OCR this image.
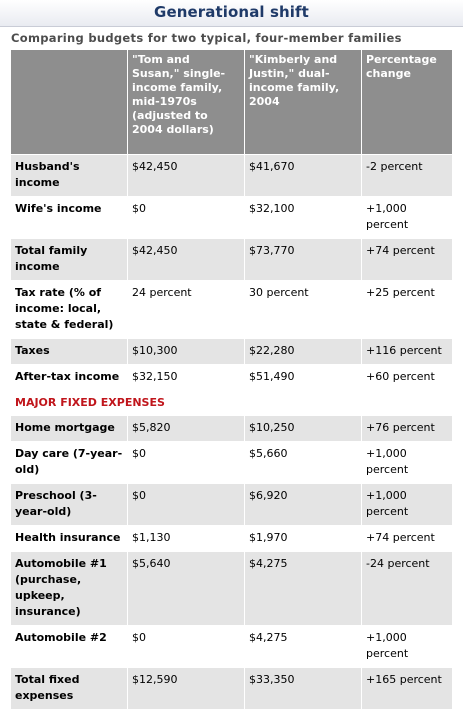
Generational shift
Comparing budgets for two typical, four-member families
	"Tom and Susan," single-income family, mid-1970s (adjusted to 2004 dollars)	"Kimberly and Justin," dual-income family, 2004	Percentage change
Husband's income	$42,450	$41,670	-2 percent
Wife's income	$0	$32,100	+1,000 percent
Total family income	$42,450	$73,770	+74 percent
Tax rate (% of income: local, state & federal)	24 percent	30 percent	+25 percent
Taxes	$10,300	$22,280	+116 percent
After-tax income	$32,150	$51,490	+60 percent
MAJOR FIXED EXPENSES			
Home mortgage	$5,820	$10,250	+76 percent
Day care (7-year-old)	$0	$5,660	+1,000 percent
Preschool (3-year-old)	$0	$6,920	+1,000 percent
Health insurance	$1,130	$1,970	+74 percent
Automobile #1 (purchase, upkeep, insurance)	$5,640	$4,275	-24 percent
Automobile #2	$0	$4,275	+1,000 percent
Total fixed expenses	$12,590	$33,350	+165 percent
